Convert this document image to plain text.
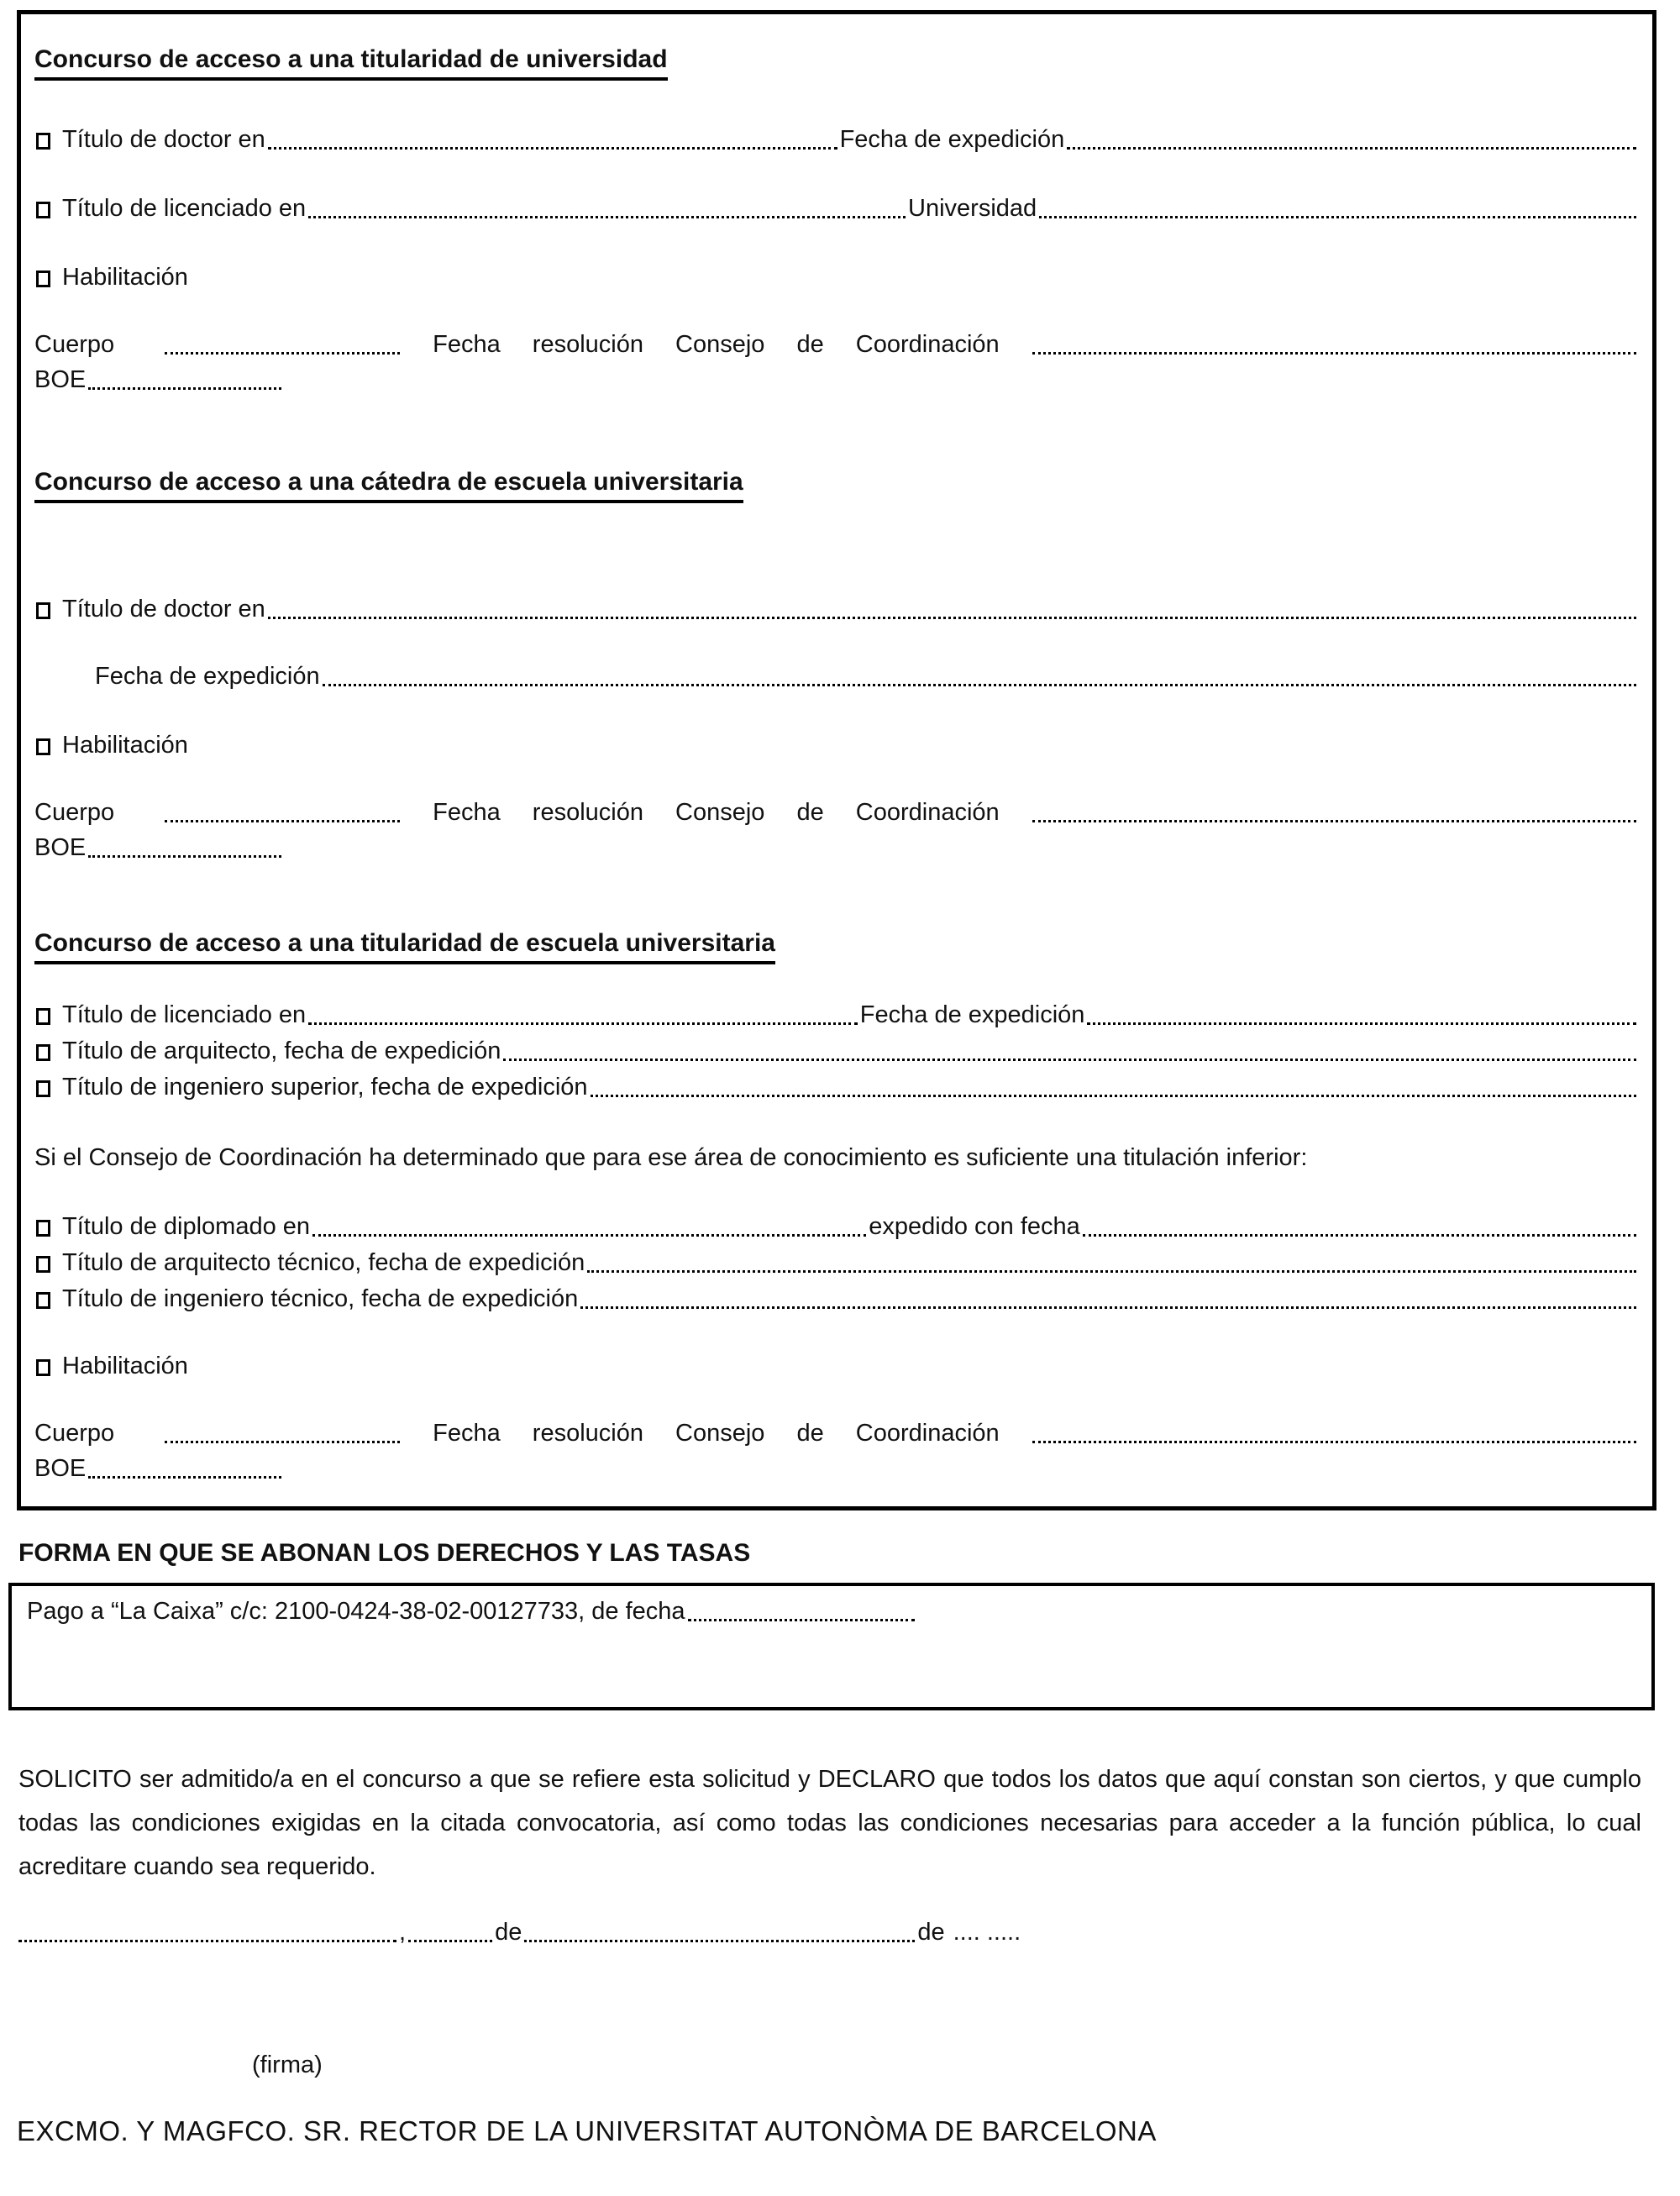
Concurso de acceso a una titularidad de universidad
Título de doctor en	Fecha de expedición
Título de licenciado en	Universidad
Habilitación
Cuerpo	Fecha resolución Consejo de Coordinación
BOE
Concurso de acceso a una cátedra de escuela universitaria
Título de doctor en
Fecha de expedición
Habilitación
Cuerpo	Fecha resolución Consejo de Coordinación
BOE
Concurso de acceso a una titularidad de escuela universitaria
Título de licenciado en	Fecha de expedición
Título de arquitecto, fecha de expedición
Título de ingeniero superior, fecha de expedición
Si el Consejo de Coordinación ha determinado que para ese área de conocimiento es suficiente una titulación inferior:
Título de diplomado en	expedido con fecha
Título de arquitecto técnico, fecha de expedición
Título de ingeniero técnico, fecha de expedición
Habilitación
Cuerpo	Fecha resolución Consejo de Coordinación
BOE
FORMA EN QUE SE ABONAN LOS DERECHOS Y LAS TASAS
Pago a “La Caixa” c/c: 2100-0424-38-02-00127733, de fecha
SOLICITO ser admitido/a en el concurso a que se refiere esta solicitud y DECLARO que todos los datos que aquí constan son ciertos, y que cumplo todas las condiciones exigidas en la citada convocatoria, así como todas las condiciones necesarias para acceder a la función pública, lo cual acreditare cuando sea requerido.
,	de	de .... .....
(firma)
EXCMO. Y MAGFCO. SR. RECTOR DE LA UNIVERSITAT AUTONÒMA DE BARCELONA
